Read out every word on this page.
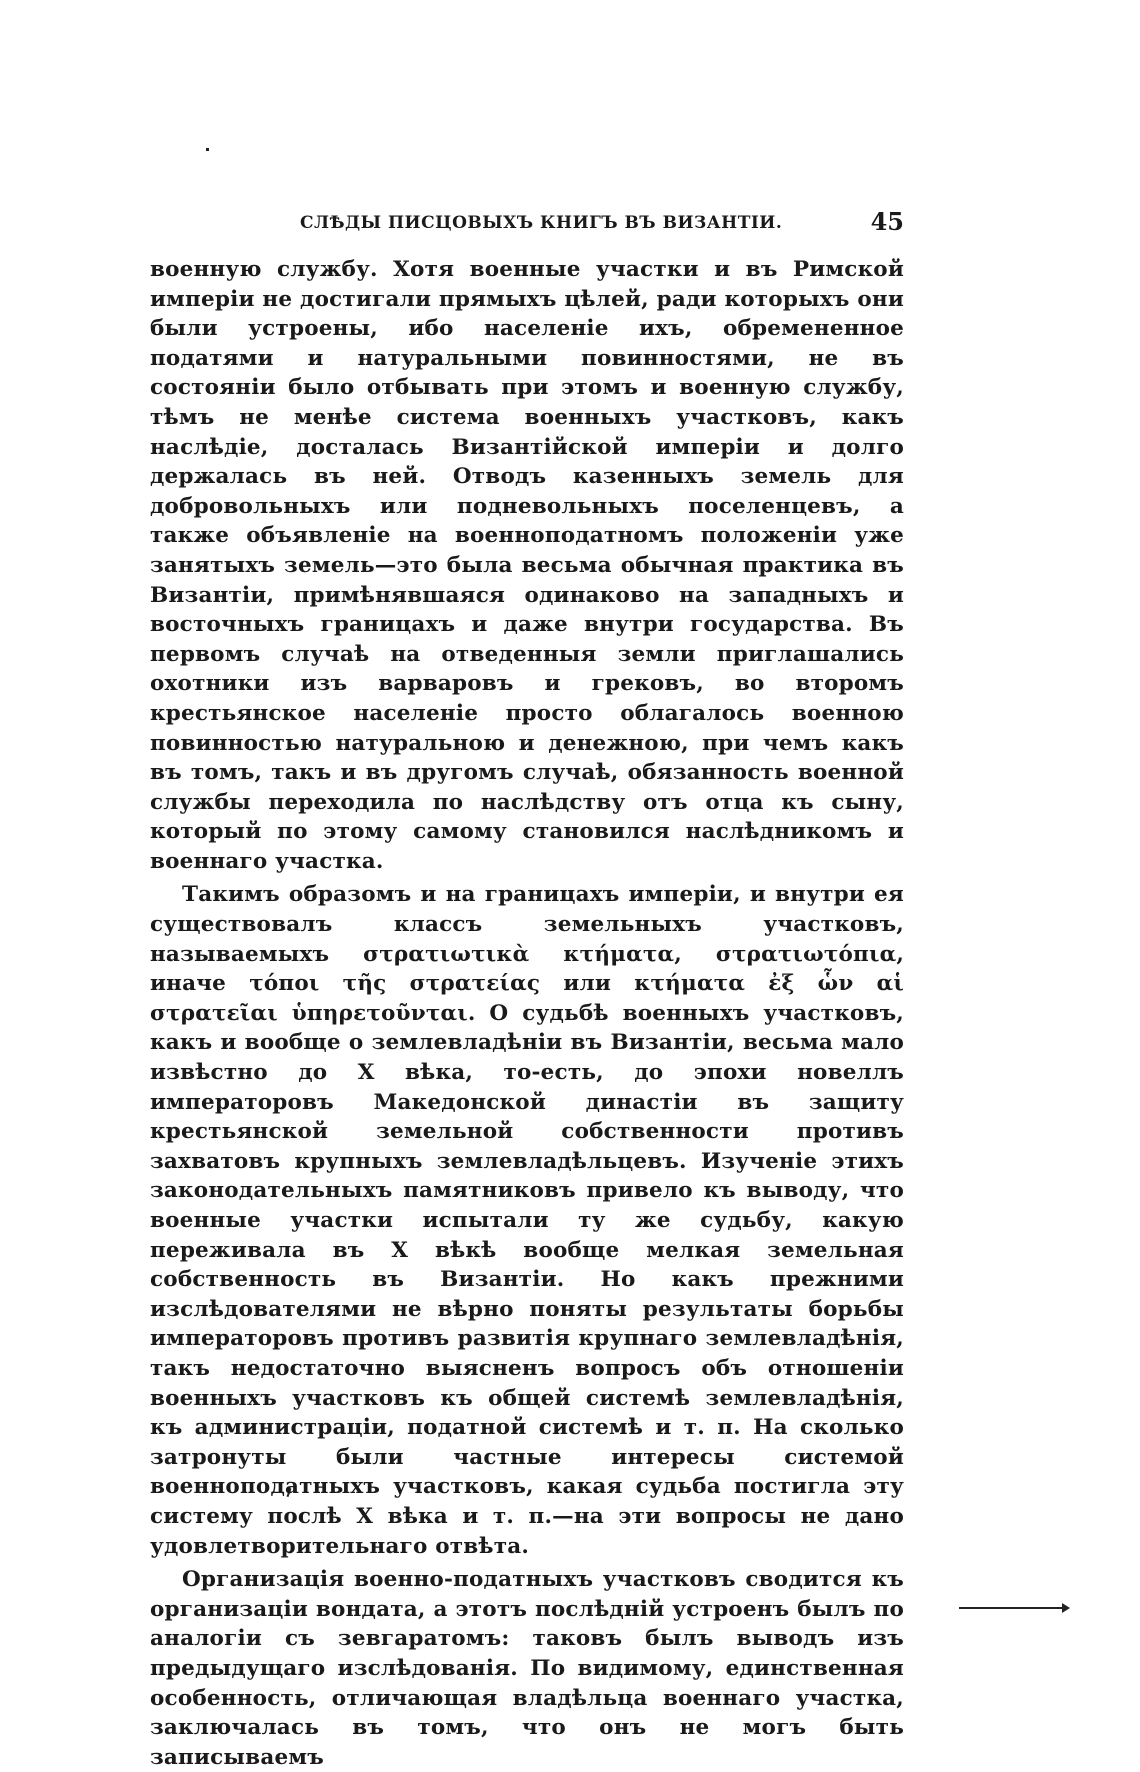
СЛѢДЫ ПИСЦОВЫХЪ КНИГЪ ВЪ ВИЗАНТІИ.	45

военную службу. Хотя военные участки и въ Римской имперіи не достигали прямыхъ цѣлей, ради которыхъ они были устроены, ибо населеніе ихъ, обремененное податями и натуральными повинностями, не въ состояніи было отбывать при этомъ и военную службу, тѣмъ не менѣе система военныхъ участковъ, какъ наслѣдіе, досталась Византійской имперіи и долго держалась въ ней. Отводъ казенныхъ земель для добровольныхъ или подневольныхъ поселенцевъ, а также объявленіе на военноподатномъ положеніи уже занятыхъ земель—это была весьма обычная практика въ Византіи, примѣнявшаяся одинаково на западныхъ и восточныхъ границахъ и даже внутри государства. Въ первомъ случаѣ на отведенныя земли приглашались охотники изъ варваровъ и грековъ, во второмъ крестьянское населеніе просто облагалось военною повинностью натуральною и денежною, при чемъ какъ въ томъ, такъ и въ другомъ случаѣ, обязанность военной службы переходила по наслѣдству отъ отца къ сыну, который по этому самому становился наслѣдникомъ и военнаго участка.

Такимъ образомъ и на границахъ имперіи, и внутри ея существовалъ классъ земельныхъ участковъ, называемыхъ στρατιωτικὰ κτήματα, στρατιωτόπια, иначе τόποι τῆς στρατείας или κτήματα ἐξ ὧν αἱ στρατεῖαι ὑπηρετοῦνται. О судьбѣ военныхъ участковъ, какъ и вообще о землевладѣніи въ Византіи, весьма мало извѣстно до X вѣка, то-есть, до эпохи новеллъ императоровъ Македонской династіи въ защиту крестьянской земельной собственности противъ захватовъ крупныхъ землевладѣльцевъ. Изученіе этихъ законодательныхъ памятниковъ привело къ выводу, что военные участки испытали ту же судьбу, какую переживала въ X вѣкѣ вообще мелкая земельная собственность въ Византіи. Но какъ прежними изслѣдователями не вѣрно поняты результаты борьбы императоровъ противъ развитія крупнаго землевладѣнія, такъ недостаточно выясненъ вопросъ объ отношеніи военныхъ участковъ къ общей системѣ землевладѣнія, къ администраціи, податной системѣ и т. п. На сколько затронуты были частные интересы системой военноподатныхъ участковъ, какая судьба постигла эту систему послѣ X вѣка и т. п.—на эти вопросы не дано удовлетворительнаго отвѣта.

Организація военно-податныхъ участковъ сводится къ организаціи вондата, а этотъ послѣдній устроенъ былъ по аналогіи съ зевгаратомъ: таковъ былъ выводъ изъ предыдущаго изслѣдованія. По видимому, единственная особенность, отличающая владѣльца военнаго участка, заключалась въ томъ, что онъ не могъ быть записываемъ
